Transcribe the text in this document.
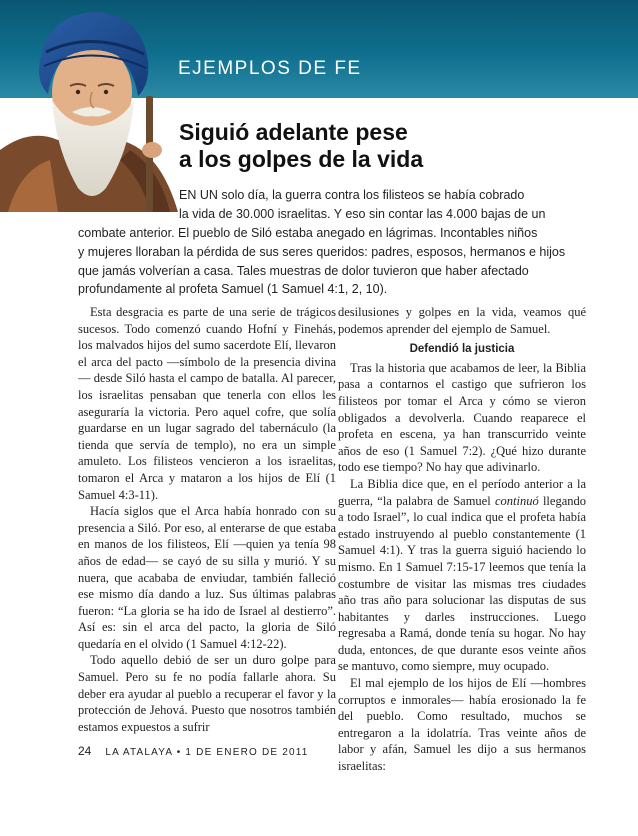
EJEMPLOS DE FE
Siguió adelante pese
a los golpes de la vida

EN UN solo día, la guerra contra los filisteos se había cobrado

la vida de 30.000 israelitas. Y eso sin contar las 4.000 bajas de un

combate anterior. El pueblo de Siló estaba anegado en lágrimas. Incontables niños

y mujeres lloraban la pérdida de sus seres queridos: padres, esposos, hermanos e hijos

que jamás volverían a casa. Tales muestras de dolor tuvieron que haber afectado

profundamente al profeta Samuel (1 Samuel 4:1, 2, 10).

Esta desgracia es parte de una serie de trágicos sucesos. Todo comenzó cuando Hofní y Finehás, los malvados hijos del sumo sacerdote Elí, llevaron el arca del pacto —símbolo de la presencia divina— desde Siló hasta el campo de batalla. Al parecer, los israelitas pensaban que tenerla con ellos les aseguraría la victoria. Pero aquel cofre, que solía guardarse en un lugar sagrado del tabernáculo (la tienda que servía de templo), no era un simple amuleto. Los filisteos vencieron a los israelitas, tomaron el Arca y mataron a los hijos de Elí (1 Samuel 4:3-11).

Hacía siglos que el Arca había honrado con su presencia a Siló. Por eso, al enterarse de que estaba en manos de los filisteos, Elí —quien ya tenía 98 años de edad— se cayó de su silla y murió. Y su nuera, que acababa de enviudar, también falleció ese mismo día dando a luz. Sus últimas palabras fueron: “La gloria se ha ido de Israel al destierro”. Así es: sin el arca del pacto, la gloria de Siló quedaría en el olvido (1 Samuel 4:12-22).

Todo aquello debió de ser un duro golpe para Samuel. Pero su fe no podía fallarle ahora. Su deber era ayudar al pueblo a recuperar el favor y la protección de Jehová. Puesto que nosotros también estamos expuestos a sufrir

desilusiones y golpes en la vida, veamos qué podemos aprender del ejemplo de Samuel.

Defendió la justicia

Tras la historia que acabamos de leer, la Biblia pasa a contarnos el castigo que sufrieron los filisteos por tomar el Arca y cómo se vieron obligados a devolverla. Cuando reaparece el profeta en escena, ya han transcurrido veinte años de eso (1 Samuel 7:2). ¿Qué hizo durante todo ese tiempo? No hay que adivinarlo.

La Biblia dice que, en el período anterior a la guerra, “la palabra de Samuel continuó llegando a todo Israel”, lo cual indica que el profeta había estado instruyendo al pueblo constantemente (1 Samuel 4:1). Y tras la guerra siguió haciendo lo mismo. En 1 Samuel 7:15-17 leemos que tenía la costumbre de visitar las mismas tres ciudades año tras año para solucionar las disputas de sus habitantes y darles instrucciones. Luego regresaba a Ramá, donde tenía su hogar. No hay duda, entonces, de que durante esos veinte años se mantuvo, como siempre, muy ocupado.

El mal ejemplo de los hijos de Elí —hombres corruptos e inmorales— había erosionado la fe del pueblo. Como resultado, muchos se entregaron a la idolatría. Tras veinte años de labor y afán, Samuel les dijo a sus hermanos israelitas:

24 LA ATALAYA • 1 DE ENERO DE 2011
